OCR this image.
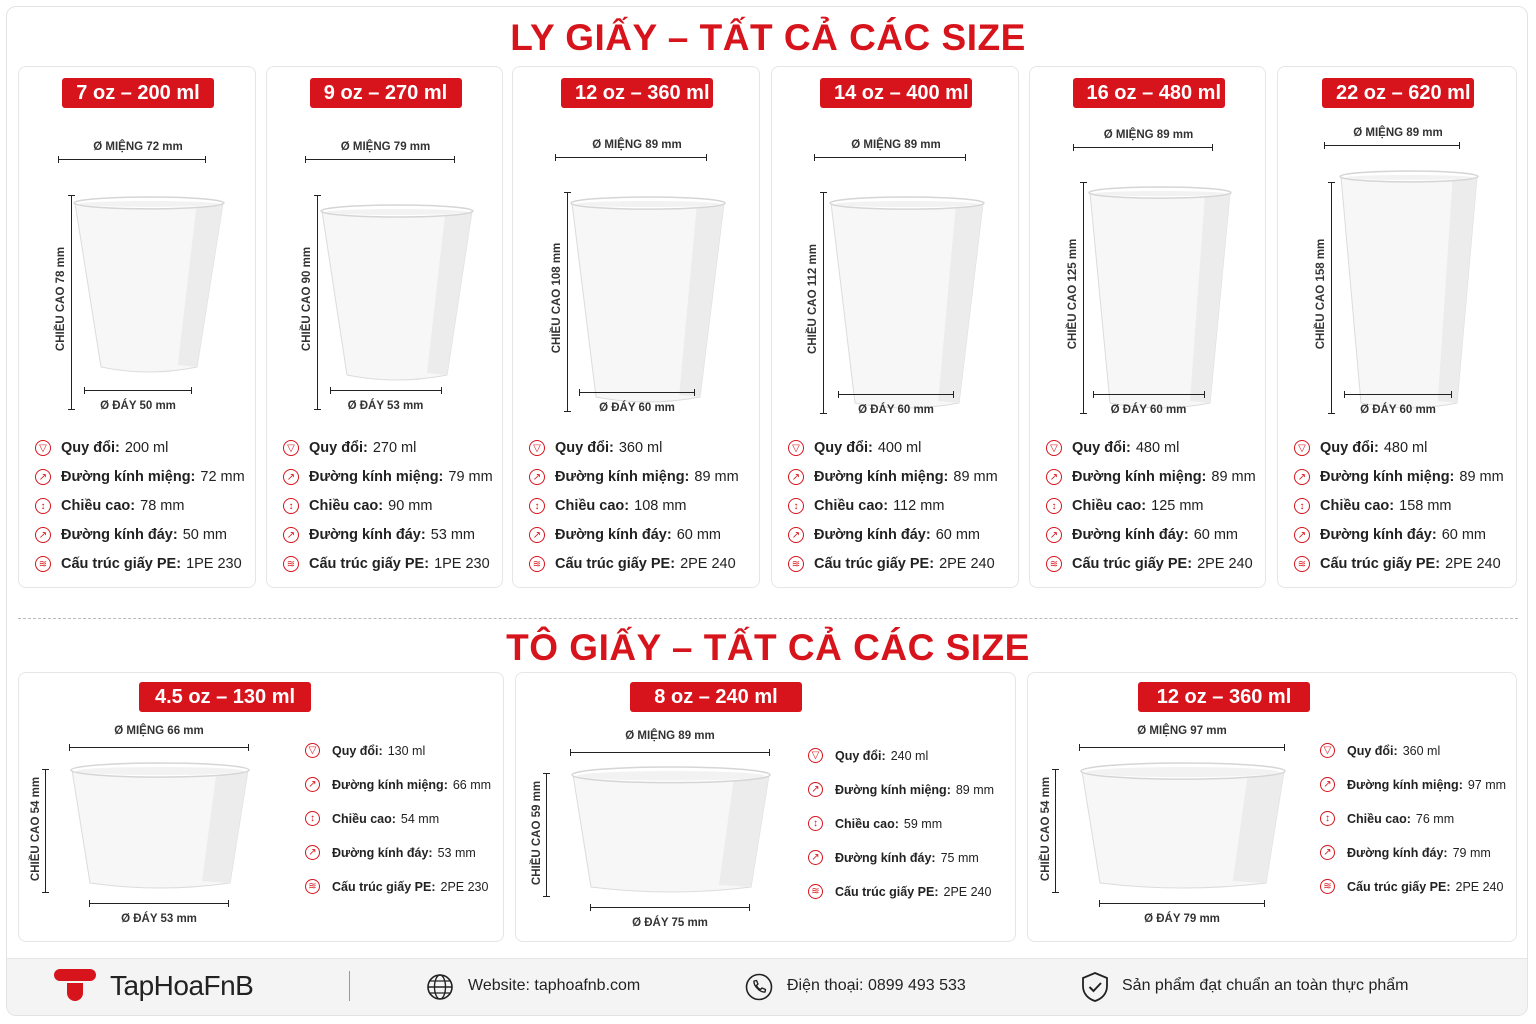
LY GIẤY – TẤT CẢ CÁC SIZE
7 oz – 200 ml
Ø MIỆNG 72 mm
CHIỀU CAO 78 mm
Ø ĐÁY 50 mm
▽ Quy đổi: 200 ml
↗ Đường kính miệng: 72 mm
↕	Chiều cao: 78 mm
↗ Đường kính đáy: 50 mm
≋ Cấu trúc giấy PE: 1PE 230
9 oz – 270 ml
Ø MIỆNG 79 mm
CHIỀU CAO 90 mm
Ø ĐÁY 53 mm
▽ Quy đổi: 270 ml
↗ Đường kính miệng: 79 mm
↕	Chiều cao: 90 mm
↗ Đường kính đáy: 53 mm
≋ Cấu trúc giấy PE: 1PE 230
12 oz – 360 ml
Ø MIỆNG 89 mm
CHIỀU CAO 108 mm
Ø ĐÁY 60 mm
▽ Quy đổi: 360 ml
↗ Đường kính miệng: 89 mm
↕	Chiều cao: 108 mm
↗ Đường kính đáy: 60 mm
≋ Cấu trúc giấy PE: 2PE 240
14 oz – 400 ml
Ø MIỆNG 89 mm
CHIỀU CAO 112 mm
Ø ĐÁY 60 mm
▽ Quy đổi: 400 ml
↗ Đường kính miệng: 89 mm
↕	Chiều cao: 112 mm
↗ Đường kính đáy: 60 mm
≋ Cấu trúc giấy PE: 2PE 240
16 oz – 480 ml
Ø MIỆNG 89 mm
CHIỀU CAO 125 mm
Ø ĐÁY 60 mm
▽ Quy đổi: 480 ml
↗ Đường kính miệng: 89 mm
↕	Chiều cao: 125 mm
↗ Đường kính đáy: 60 mm
≋ Cấu trúc giấy PE: 2PE 240
22 oz – 620 ml
Ø MIỆNG 89 mm
CHIỀU CAO 158 mm
Ø ĐÁY 60 mm
▽ Quy đổi: 480 ml
↗ Đường kính miệng: 89 mm
↕	Chiều cao: 158 mm
↗ Đường kính đáy: 60 mm
≋ Cấu trúc giấy PE: 2PE 240
TÔ GIẤY – TẤT CẢ CÁC SIZE
4.5 oz – 130 ml
Ø MIỆNG 66 mm
CHIỀU CAO 54 mm
Ø ĐÁY 53 mm
▽ Quy đổi: 130 ml
↗ Đường kính miệng: 66 mm
↕	Chiều cao: 54 mm
↗ Đường kính đáy: 53 mm
≋ Cấu trúc giấy PE: 2PE 230
8 oz – 240 ml
Ø MIỆNG 89 mm
CHIỀU CAO 59 mm
Ø ĐÁY 75 mm
▽ Quy đổi: 240 ml
↗ Đường kính miệng: 89 mm
↕	Chiều cao: 59 mm
↗ Đường kính đáy: 75 mm
≋ Cấu trúc giấy PE: 2PE 240
12 oz – 360 ml
Ø MIỆNG 97 mm
CHIỀU CAO 54 mm
Ø ĐÁY 79 mm
▽ Quy đổi: 360 ml
↗ Đường kính miệng: 97 mm
↕	Chiều cao: 76 mm
↗ Đường kính đáy: 79 mm
≋ Cấu trúc giấy PE: 2PE 240
TapHoaFnB	Website: taphoafnb.com	Điện thoại: 0899 493 533	Sản phẩm đạt chuẩn an toàn thực phẩm
